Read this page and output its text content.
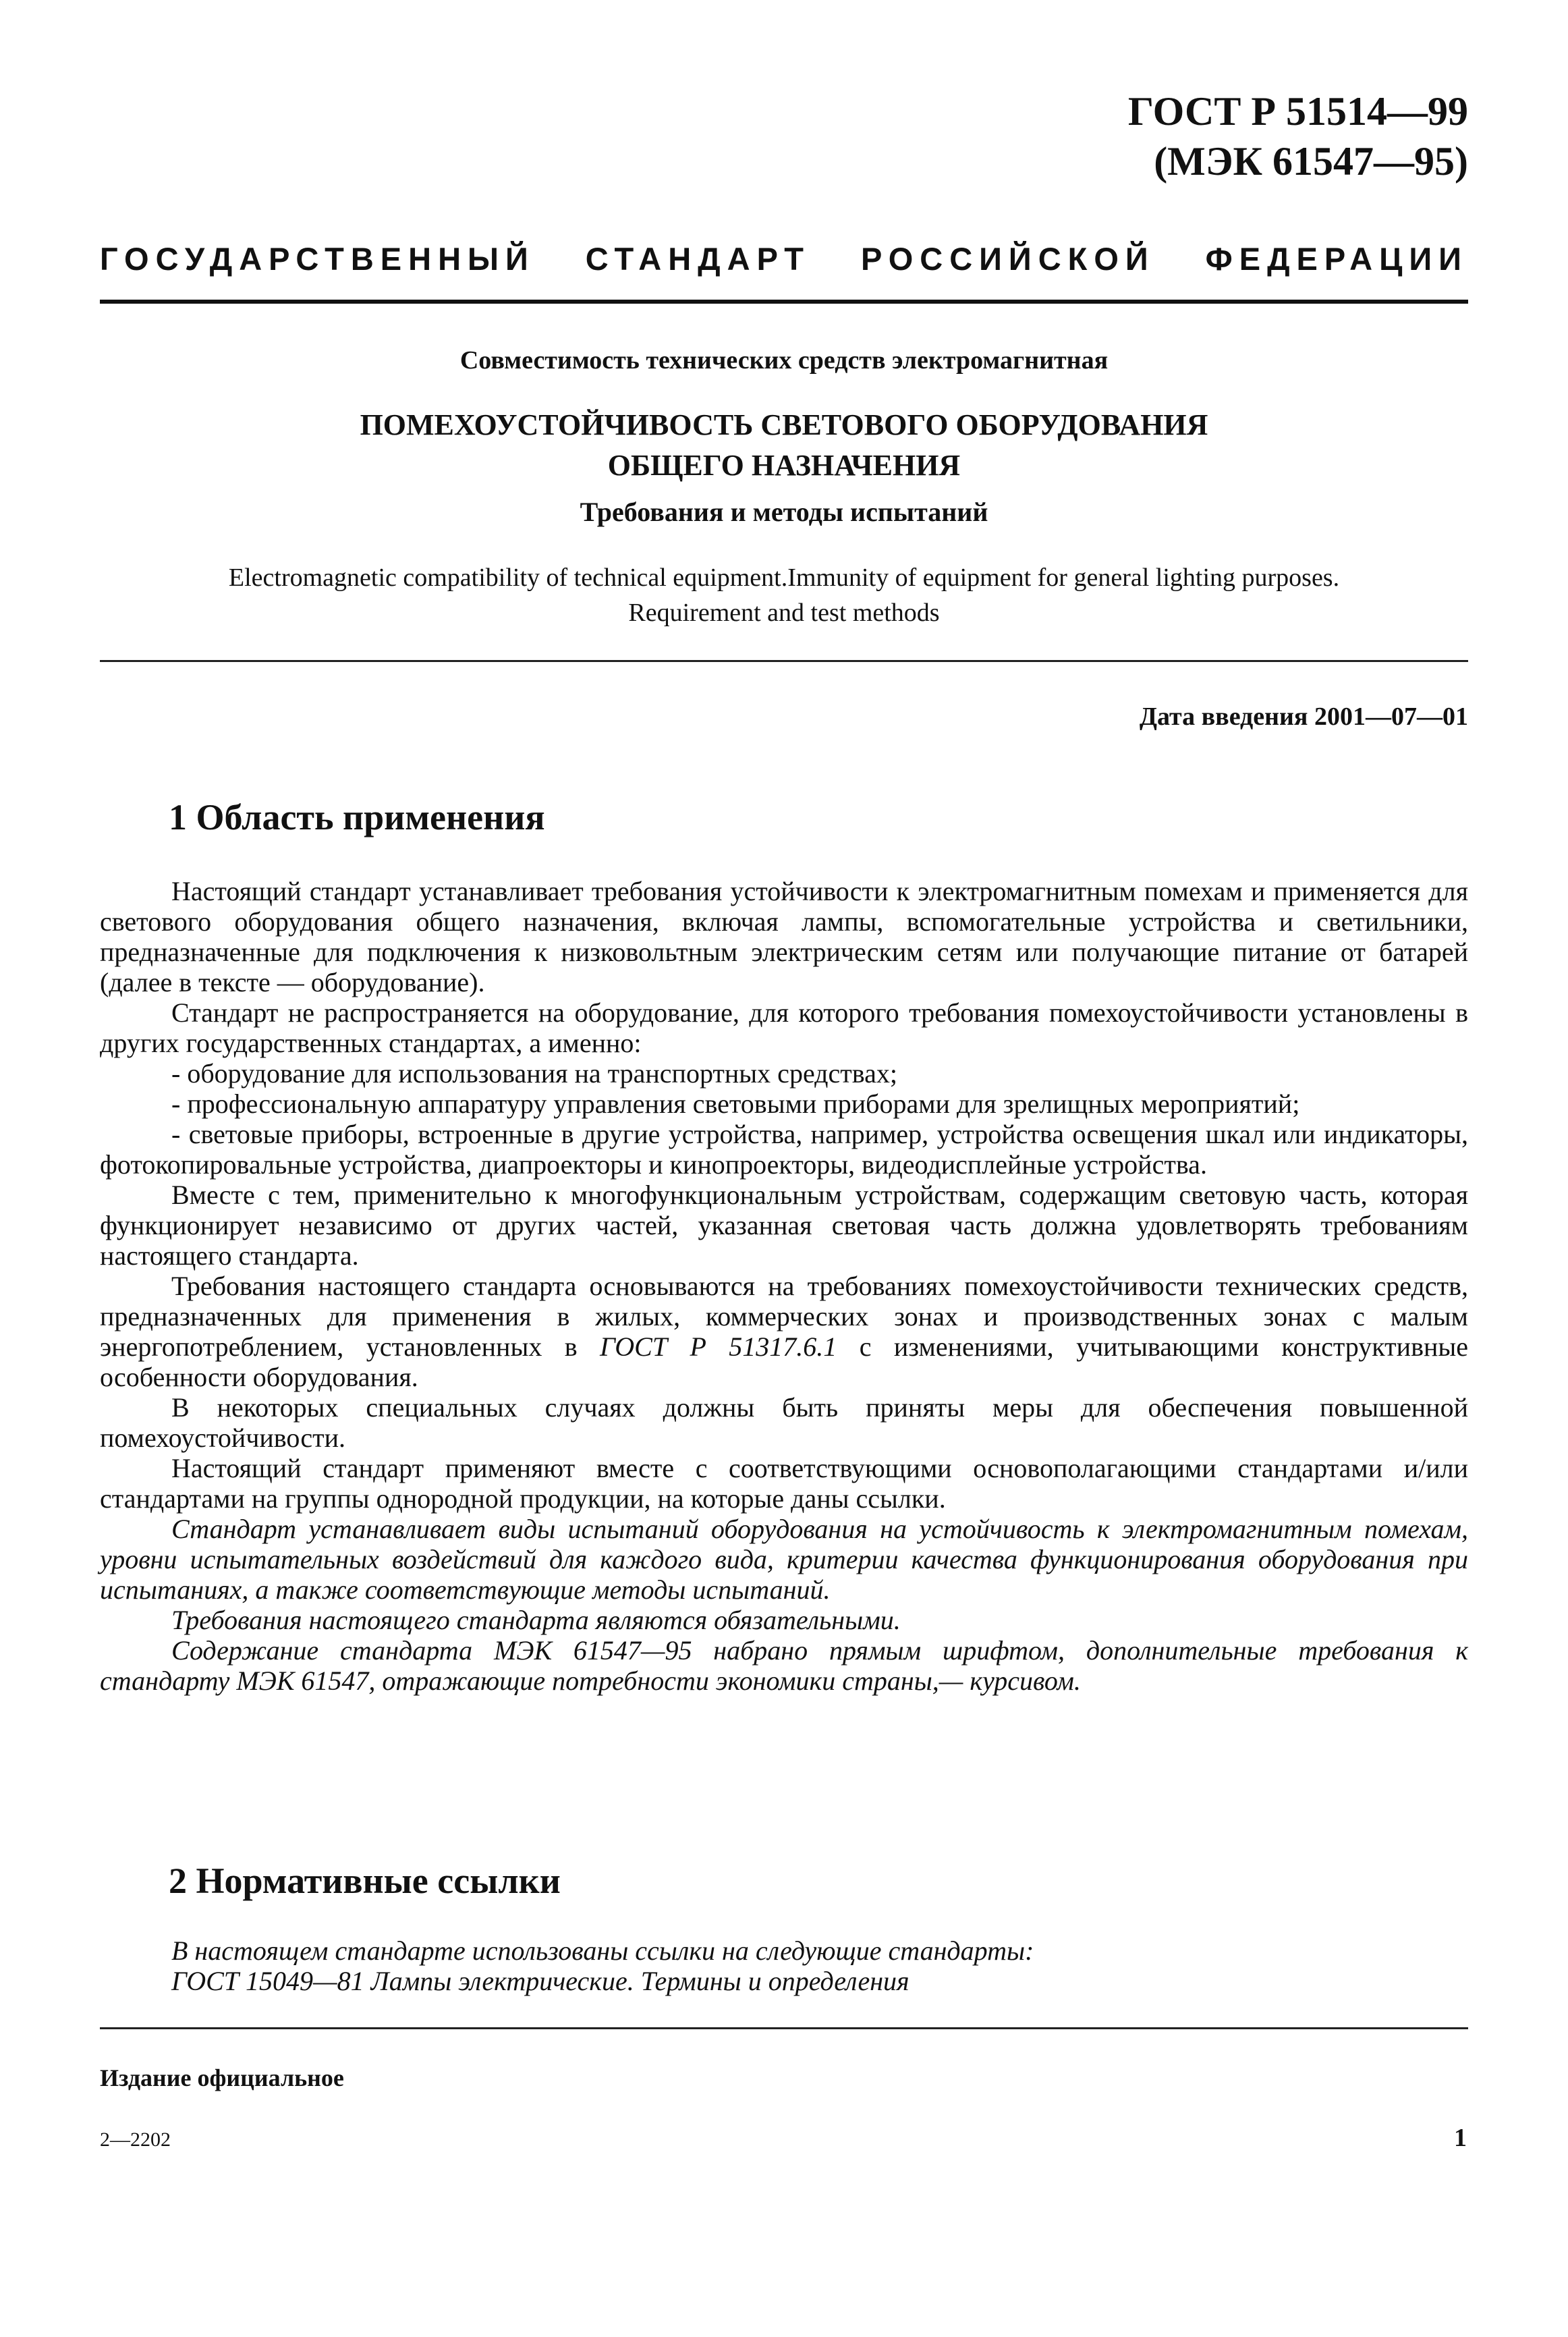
ГОСТ Р 51514—99
(МЭК 61547—95)
ГОСУДАРСТВЕННЫЙ СТАНДАРТ РОССИЙСКОЙ ФЕДЕРАЦИИ
Совместимость технических средств электромагнитная
ПОМЕХОУСТОЙЧИВОСТЬ СВЕТОВОГО ОБОРУДОВАНИЯ
ОБЩЕГО НАЗНАЧЕНИЯ
Требования и методы испытаний
Electromagnetic compatibility of technical equipment.Immunity of equipment for general lighting purposes.
Requirement and test methods
Дата введения 2001—07—01
1 Область применения

Настоящий стандарт устанавливает требования устойчивости к электромагнитным помехам и применяется для светового оборудования общего назначения, включая лампы, вспомогательные устройства и светильники, предназначенные для подключения к низковольтным электрическим сетям или получающие питание от батарей (далее в тексте — оборудование).

Стандарт не распространяется на оборудование, для которого требования помехоустойчивости установлены в других государственных стандартах, а именно:

- оборудование для использования на транспортных средствах;

- профессиональную аппаратуру управления световыми приборами для зрелищных мероприятий;

- световые приборы, встроенные в другие устройства, например, устройства освещения шкал или индикаторы, фотокопировальные устройства, диапроекторы и кинопроекторы, видеодисплейные устройства.

Вместе с тем, применительно к многофункциональным устройствам, содержащим световую часть, которая функционирует независимо от других частей, указанная световая часть должна удовлетворять требованиям настоящего стандарта.

Требования настоящего стандарта основываются на требованиях помехоустойчивости технических средств, предназначенных для применения в жилых, коммерческих зонах и производственных зонах с малым энергопотреблением, установленных в ГОСТ Р 51317.6.1 с изменениями, учитывающими конструктивные особенности оборудования.

В некоторых специальных случаях должны быть приняты меры для обеспечения повышенной помехоустойчивости.

Настоящий стандарт применяют вместе с соответствующими основополагающими стандартами и/или стандартами на группы однородной продукции, на которые даны ссылки.

Стандарт устанавливает виды испытаний оборудования на устойчивость к электромагнитным помехам, уровни испытательных воздействий для каждого вида, критерии качества функционирования оборудования при испытаниях, а также соответствующие методы испытаний.

Требования настоящего стандарта являются обязательными.

Содержание стандарта МЭК 61547—95 набрано прямым шрифтом, дополнительные требования к стандарту МЭК 61547, отражающие потребности экономики страны,— курсивом.

2 Нормативные ссылки

В настоящем стандарте использованы ссылки на следующие стандарты:

ГОСТ 15049—81 Лампы электрические. Термины и определения

Издание официальное
2—2202	1
